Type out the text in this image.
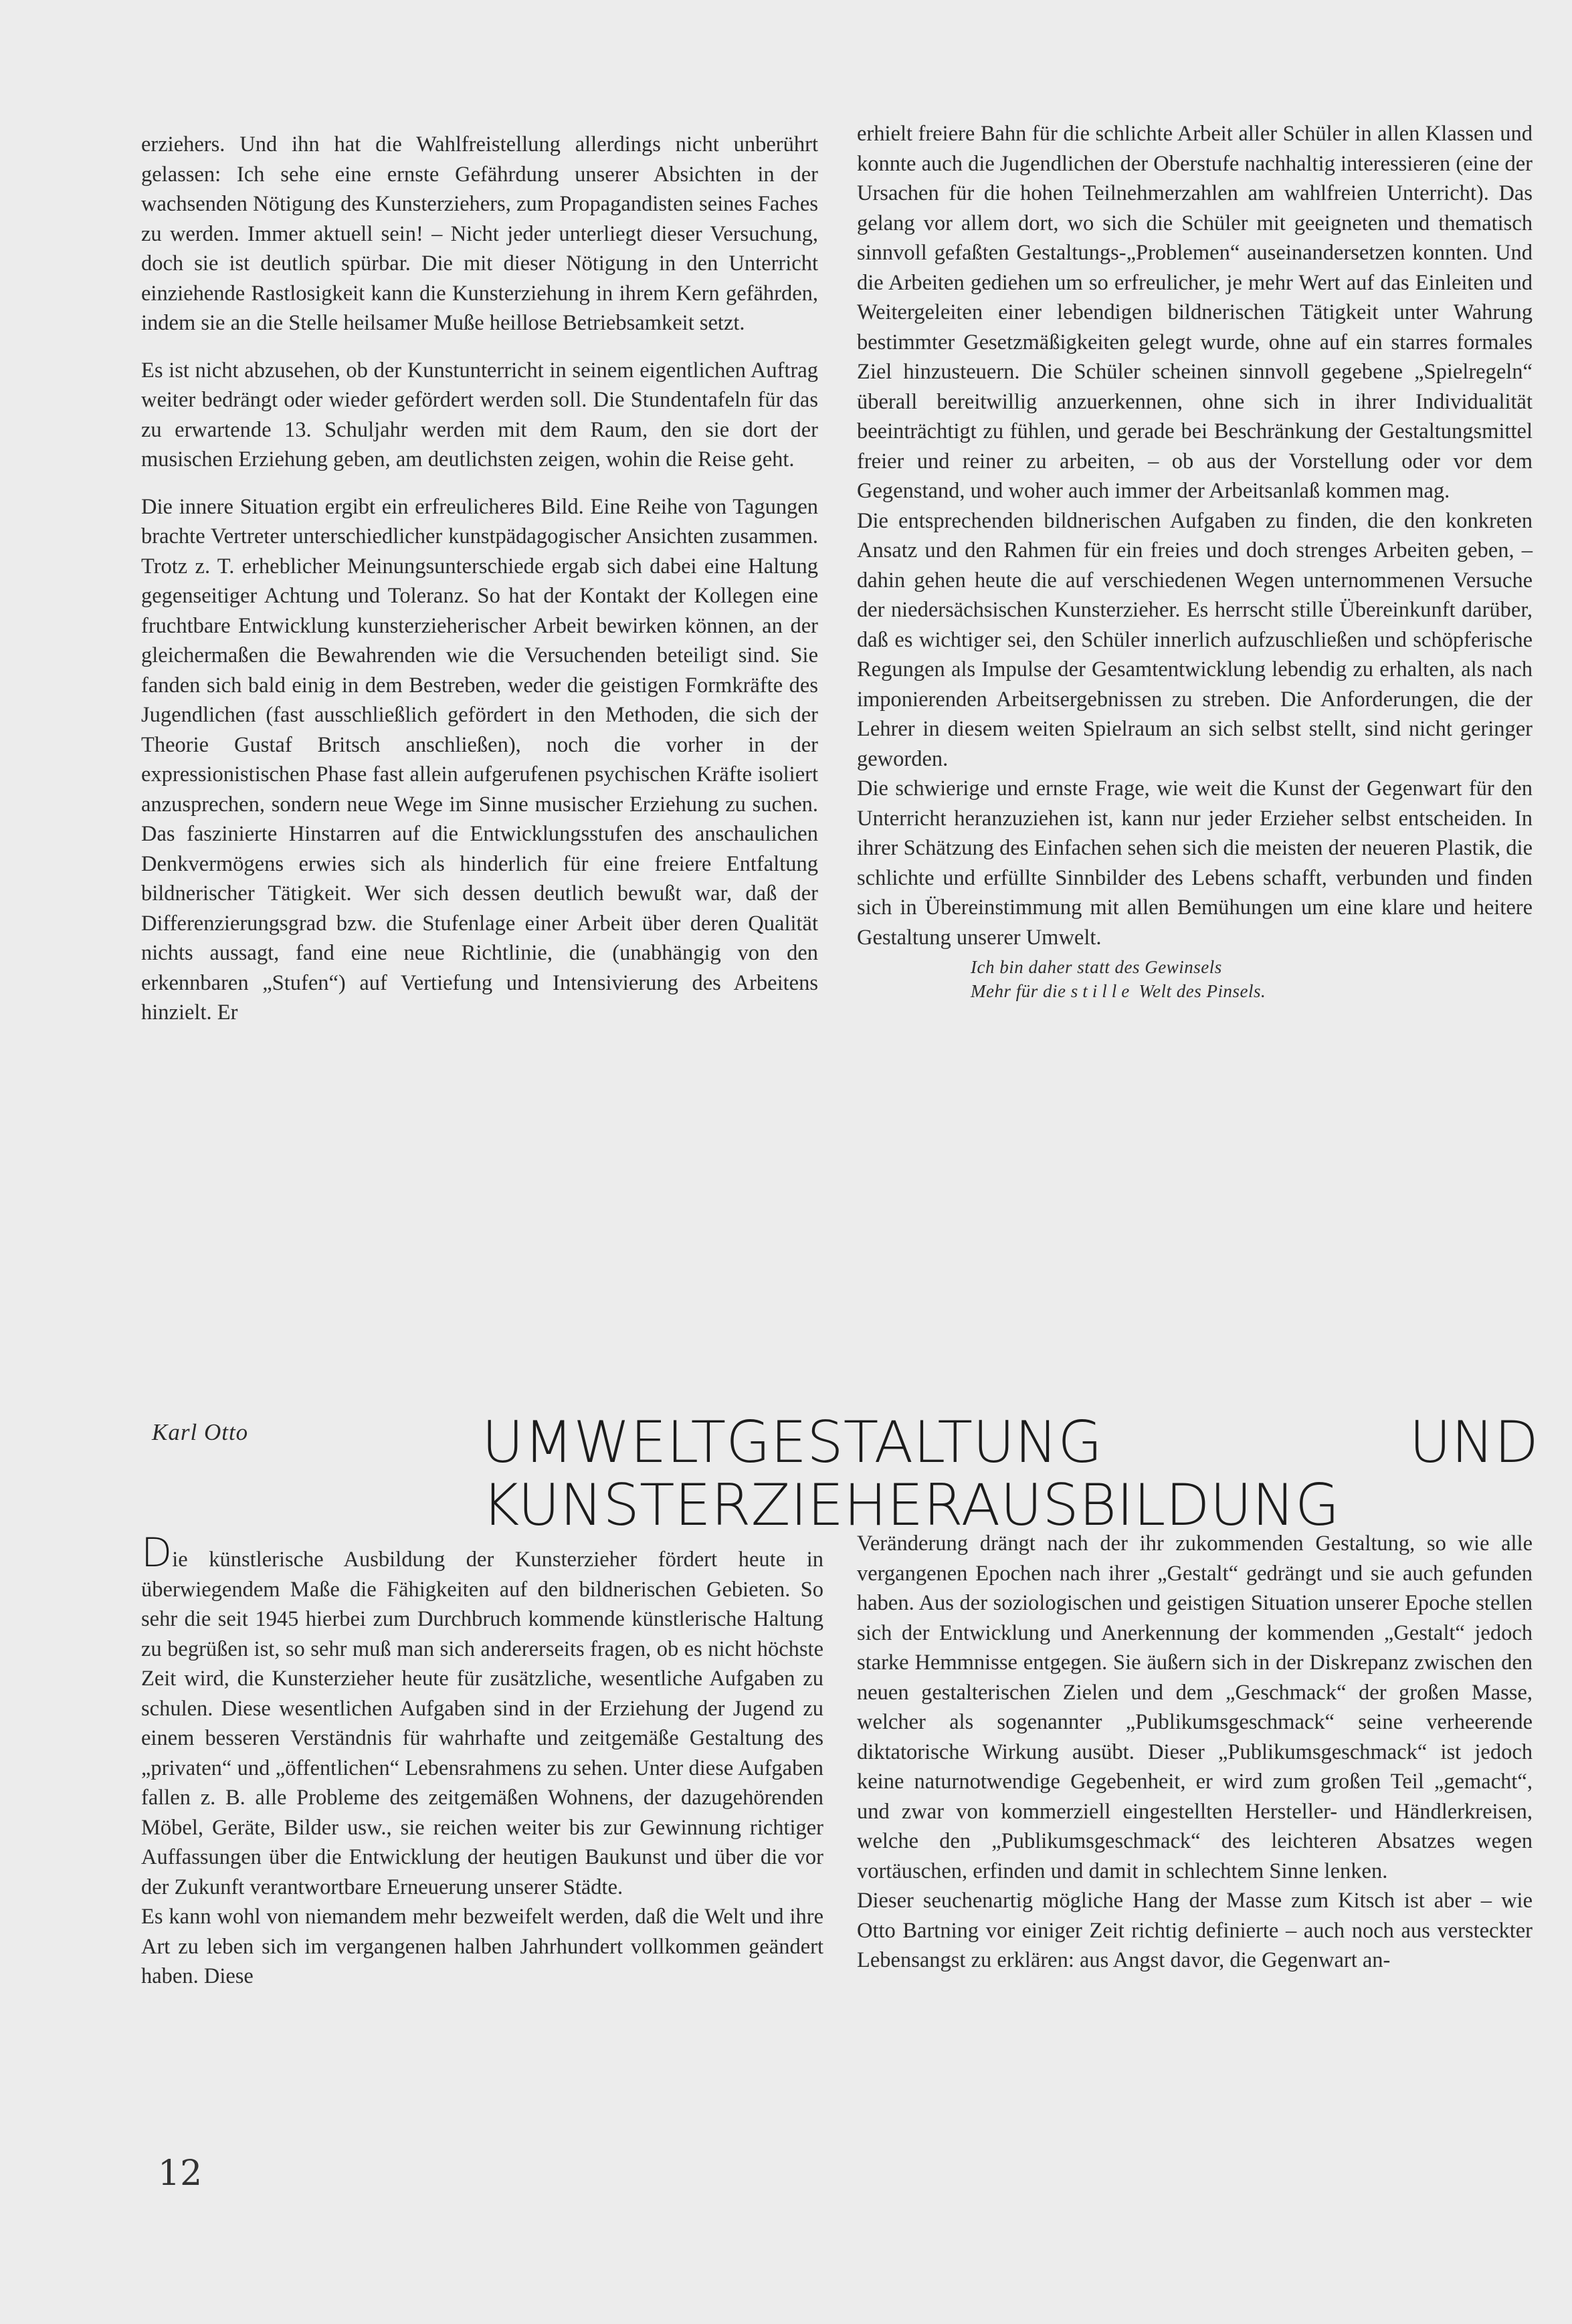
erziehers. Und ihn hat die Wahlfreistellung allerdings nicht unberührt gelassen: Ich sehe eine ernste Gefährdung unserer Absichten in der wachsenden Nötigung des Kunsterziehers, zum Propagandisten seines Faches zu werden. Immer aktuell sein! – Nicht jeder unterliegt dieser Versuchung, doch sie ist deutlich spürbar. Die mit dieser Nötigung in den Unterricht einziehende Rastlosigkeit kann die Kunsterziehung in ihrem Kern gefährden, indem sie an die Stelle heilsamer Muße heillose Betriebsamkeit setzt.

Es ist nicht abzusehen, ob der Kunstunterricht in seinem eigentlichen Auftrag weiter bedrängt oder wieder gefördert werden soll. Die Stundentafeln für das zu erwartende 13. Schuljahr werden mit dem Raum, den sie dort der musischen Erziehung geben, am deutlichsten zeigen, wohin die Reise geht.

Die innere Situation ergibt ein erfreulicheres Bild. Eine Reihe von Tagungen brachte Vertreter unterschiedlicher kunstpädagogischer Ansichten zusammen. Trotz z. T. erheblicher Meinungsunterschiede ergab sich dabei eine Haltung gegenseitiger Achtung und Toleranz. So hat der Kontakt der Kollegen eine fruchtbare Entwicklung kunsterzieherischer Arbeit bewirken können, an der gleichermaßen die Bewahrenden wie die Versuchenden beteiligt sind. Sie fanden sich bald einig in dem Bestreben, weder die geistigen Formkräfte des Jugendlichen (fast ausschließlich gefördert in den Methoden, die sich der Theorie Gustaf Britsch anschließen), noch die vorher in der expressionistischen Phase fast allein aufgerufenen psychischen Kräfte isoliert anzusprechen, sondern neue Wege im Sinne musischer Erziehung zu suchen. Das faszinierte Hinstarren auf die Entwicklungsstufen des anschaulichen Denkvermögens erwies sich als hinderlich für eine freiere Entfaltung bildnerischer Tätigkeit. Wer sich dessen deutlich bewußt war, daß der Differenzierungsgrad bzw. die Stufenlage einer Arbeit über deren Qualität nichts aussagt, fand eine neue Richtlinie, die (unabhängig von den erkennbaren „Stufen“) auf Vertiefung und Intensivierung des Arbeitens hinzielt. Er

erhielt freiere Bahn für die schlichte Arbeit aller Schüler in allen Klassen und konnte auch die Jugendlichen der Oberstufe nachhaltig interessieren (eine der Ursachen für die hohen Teilnehmerzahlen am wahlfreien Unterricht). Das gelang vor allem dort, wo sich die Schüler mit geeigneten und thematisch sinnvoll gefaßten Gestaltungs-„Problemen“ auseinandersetzen konnten. Und die Arbeiten gediehen um so erfreulicher, je mehr Wert auf das Einleiten und Weitergeleiten einer lebendigen bildnerischen Tätigkeit unter Wahrung bestimmter Gesetzmäßigkeiten gelegt wurde, ohne auf ein starres formales Ziel hinzusteuern. Die Schüler scheinen sinnvoll gegebene „Spielregeln“ überall bereitwillig anzuerkennen, ohne sich in ihrer Individualität beeinträchtigt zu fühlen, und gerade bei Beschränkung der Gestaltungsmittel freier und reiner zu arbeiten, – ob aus der Vorstellung oder vor dem Gegenstand, und woher auch immer der Arbeitsanlaß kommen mag.

Die entsprechenden bildnerischen Aufgaben zu finden, die den konkreten Ansatz und den Rahmen für ein freies und doch strenges Arbeiten geben, – dahin gehen heute die auf verschiedenen Wegen unternommenen Versuche der niedersächsischen Kunsterzieher. Es herrscht stille Übereinkunft darüber, daß es wichtiger sei, den Schüler innerlich aufzuschließen und schöpferische Regungen als Impulse der Gesamtentwicklung lebendig zu erhalten, als nach imponierenden Arbeitsergebnissen zu streben. Die Anforderungen, die der Lehrer in diesem weiten Spielraum an sich selbst stellt, sind nicht geringer geworden.

Die schwierige und ernste Frage, wie weit die Kunst der Gegenwart für den Unterricht heranzuziehen ist, kann nur jeder Erzieher selbst entscheiden. In ihrer Schätzung des Einfachen sehen sich die meisten der neueren Plastik, die schlichte und erfüllte Sinnbilder des Lebens schafft, verbunden und finden sich in Übereinstimmung mit allen Bemühungen um eine klare und heitere Gestaltung unserer Umwelt.

Ich bin daher statt des Gewinsels
Mehr für die stille Welt des Pinsels.
Karl Otto	UMWELTGESTALTUNG UND
KUNSTERZIEHERAUSBILDUNG

Die künstlerische Ausbildung der Kunsterzieher fördert heute in überwiegendem Maße die Fähigkeiten auf den bildnerischen Gebieten. So sehr die seit 1945 hierbei zum Durchbruch kommende künstlerische Haltung zu begrüßen ist, so sehr muß man sich andererseits fragen, ob es nicht höchste Zeit wird, die Kunsterzieher heute für zusätzliche, wesentliche Aufgaben zu schulen. Diese wesentlichen Aufgaben sind in der Erziehung der Jugend zu einem besseren Verständnis für wahrhafte und zeitgemäße Gestaltung des „privaten“ und „öffentlichen“ Lebensrahmens zu sehen. Unter diese Aufgaben fallen z. B. alle Probleme des zeitgemäßen Wohnens, der dazugehörenden Möbel, Geräte, Bilder usw., sie reichen weiter bis zur Gewinnung richtiger Auffassungen über die Entwicklung der heutigen Baukunst und über die vor der Zukunft verantwortbare Erneuerung unserer Städte.

Es kann wohl von niemandem mehr bezweifelt werden, daß die Welt und ihre Art zu leben sich im vergangenen halben Jahrhundert vollkommen geändert haben. Diese

Veränderung drängt nach der ihr zukommenden Gestaltung, so wie alle vergangenen Epochen nach ihrer „Gestalt“ gedrängt und sie auch gefunden haben. Aus der soziologischen und geistigen Situation unserer Epoche stellen sich der Entwicklung und Anerkennung der kommenden „Gestalt“ jedoch starke Hemmnisse entgegen. Sie äußern sich in der Diskrepanz zwischen den neuen gestalterischen Zielen und dem „Geschmack“ der großen Masse, welcher als sogenannter „Publikumsgeschmack“ seine verheerende diktatorische Wirkung ausübt. Dieser „Publikumsgeschmack“ ist jedoch keine naturnotwendige Gegebenheit, er wird zum großen Teil „gemacht“, und zwar von kommerziell eingestellten Hersteller- und Händlerkreisen, welche den „Publikumsgeschmack“ des leichteren Absatzes wegen vortäuschen, erfinden und damit in schlechtem Sinne lenken.

Dieser seuchenartig mögliche Hang der Masse zum Kitsch ist aber – wie Otto Bartning vor einiger Zeit richtig definierte – auch noch aus versteckter Lebensangst zu erklären: aus Angst davor, die Gegenwart an-

12
